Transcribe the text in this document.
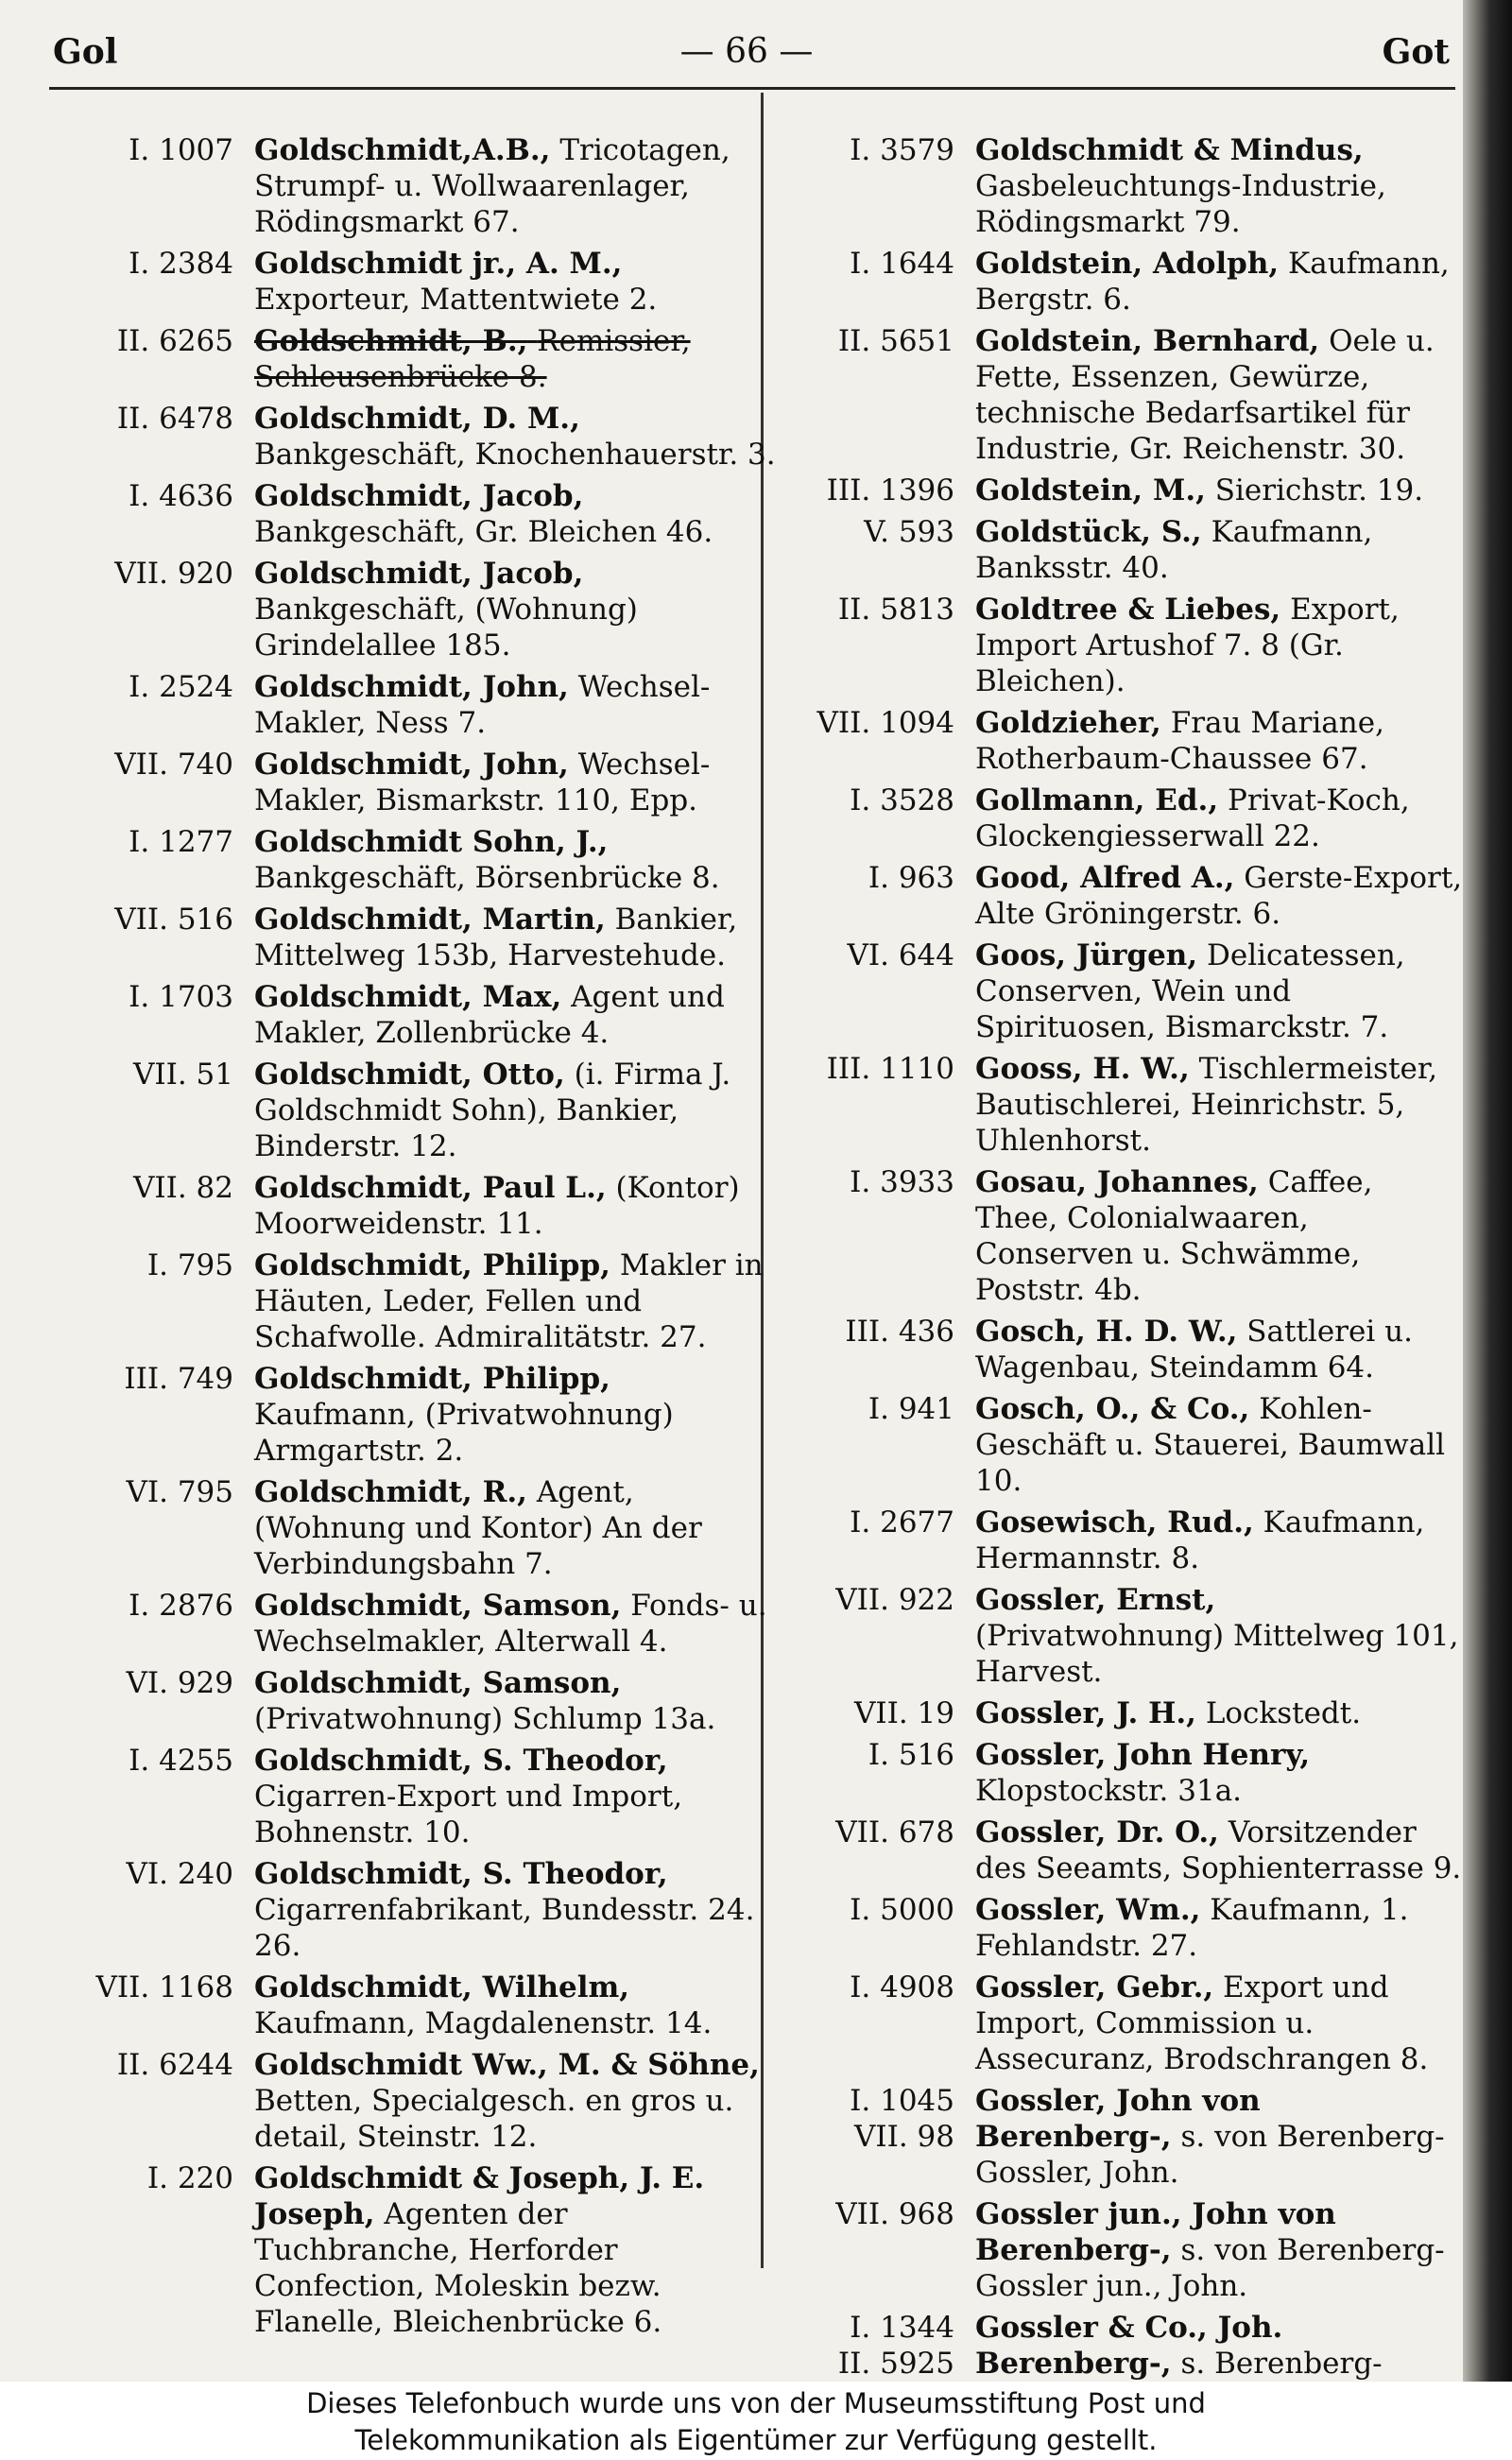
Gol	— 66 —	Got
I. 1007 Goldschmidt,A.B., Tricotagen, Strumpf- u. Wollwaarenlager, Rödingsmarkt 67.
I. 2384 Goldschmidt jr., A. M., Exporteur, Mattentwiete 2.
II. 6265 Goldschmidt, B., Remissier, Schleusenbrücke 8.
II. 6478 Goldschmidt, D. M., Bankgeschäft, Knochenhauerstr. 3.
I. 4636 Goldschmidt, Jacob, Bankgeschäft, Gr. Bleichen 46.
VII. 920 Goldschmidt, Jacob, Bankgeschäft, (Wohnung) Grindelallee 185.
I. 2524 Goldschmidt, John, Wechsel-Makler, Ness 7.
VII. 740 Goldschmidt, John, Wechsel-Makler, Bismarkstr. 110, Epp.
I. 1277 Goldschmidt Sohn, J., Bankgeschäft, Börsenbrücke 8.
VII. 516 Goldschmidt, Martin, Bankier, Mittelweg 153b, Harvestehude.
I. 1703 Goldschmidt, Max, Agent und Makler, Zollenbrücke 4.
VII. 51 Goldschmidt, Otto, (i. Firma J. Goldschmidt Sohn), Bankier, Binderstr. 12.
VII. 82 Goldschmidt, Paul L., (Kontor) Moorweidenstr. 11.
I. 795 Goldschmidt, Philipp, Makler in Häuten, Leder, Fellen und Schafwolle. Admiralitätstr. 27.
III. 749 Goldschmidt, Philipp, Kaufmann, (Privatwohnung) Armgartstr. 2.
VI. 795 Goldschmidt, R., Agent, (Wohnung und Kontor) An der Verbindungsbahn 7.
I. 2876 Goldschmidt, Samson, Fonds- u. Wechselmakler, Alterwall 4.
VI. 929 Goldschmidt, Samson, (Privatwohnung) Schlump 13a.
I. 4255 Goldschmidt, S. Theodor, Cigarren-Export und Import, Bohnenstr. 10.
VI. 240 Goldschmidt, S. Theodor, Cigarrenfabrikant, Bundesstr. 24. 26.
VII. 1168 Goldschmidt, Wilhelm, Kaufmann, Magdalenenstr. 14.
II. 6244 Goldschmidt Ww., M. & Söhne, Betten, Specialgesch. en gros u. detail, Steinstr. 12.
I. 220 Goldschmidt & Joseph, J. E. Joseph, Agenten der Tuchbranche, Herforder Confection, Moleskin bezw. Flanelle, Bleichenbrücke 6.
I. 3579 Goldschmidt & Mindus, Gasbeleuchtungs-Industrie, Rödingsmarkt 79.
I. 1644 Goldstein, Adolph, Kaufmann, Bergstr. 6.
II. 5651 Goldstein, Bernhard, Oele u. Fette, Essenzen, Gewürze, technische Bedarfsartikel für Industrie, Gr. Reichenstr. 30.
III. 1396 Goldstein, M., Sierichstr. 19.
V. 593 Goldstück, S., Kaufmann, Banksstr. 40.
II. 5813 Goldtree & Liebes, Export, Import Artushof 7. 8 (Gr. Bleichen).
VII. 1094 Goldzieher, Frau Mariane, Rotherbaum-Chaussee 67.
I. 3528 Gollmann, Ed., Privat-Koch, Glockengiesserwall 22.
I. 963 Good, Alfred A., Gerste-Export, Alte Gröningerstr. 6.
VI. 644 Goos, Jürgen, Delicatessen, Conserven, Wein und Spirituosen, Bismarckstr. 7.
III. 1110 Gooss, H. W., Tischlermeister, Bautischlerei, Heinrichstr. 5, Uhlenhorst.
I. 3933 Gosau, Johannes, Caffee, Thee, Colonialwaaren, Conserven u. Schwämme, Poststr. 4b.
III. 436 Gosch, H. D. W., Sattlerei u. Wagenbau, Steindamm 64.
I. 941 Gosch, O., & Co., Kohlen-Geschäft u. Stauerei, Baumwall 10.
I. 2677 Gosewisch, Rud., Kaufmann, Hermannstr. 8.
VII. 922 Gossler, Ernst, (Privatwohnung) Mittelweg 101, Harvest.
VII. 19 Gossler, J. H., Lockstedt.
I. 516 Gossler, John Henry, Klopstockstr. 31a.
VII. 678 Gossler, Dr. O., Vorsitzender des Seeamts, Sophienterrasse 9.
I. 5000 Gossler, Wm., Kaufmann, 1. Fehlandstr. 27.
I. 4908 Gossler, Gebr., Export und Import, Commission u. Assecuranz, Brodschrangen 8.
I. 1045
VII. 98
Gossler, John von Berenberg-, s. von Berenberg-Gossler, John.
VII. 968 Gossler jun., John von Berenberg-, s. von Berenberg-Gossler jun., John.
I. 1344
II. 5925
Gossler & Co., Joh. Berenberg-, s. Berenberg-
Dieses Telefonbuch wurde uns von der Museumsstiftung Post und
Telekommunikation als Eigentümer zur Verfügung gestellt.
